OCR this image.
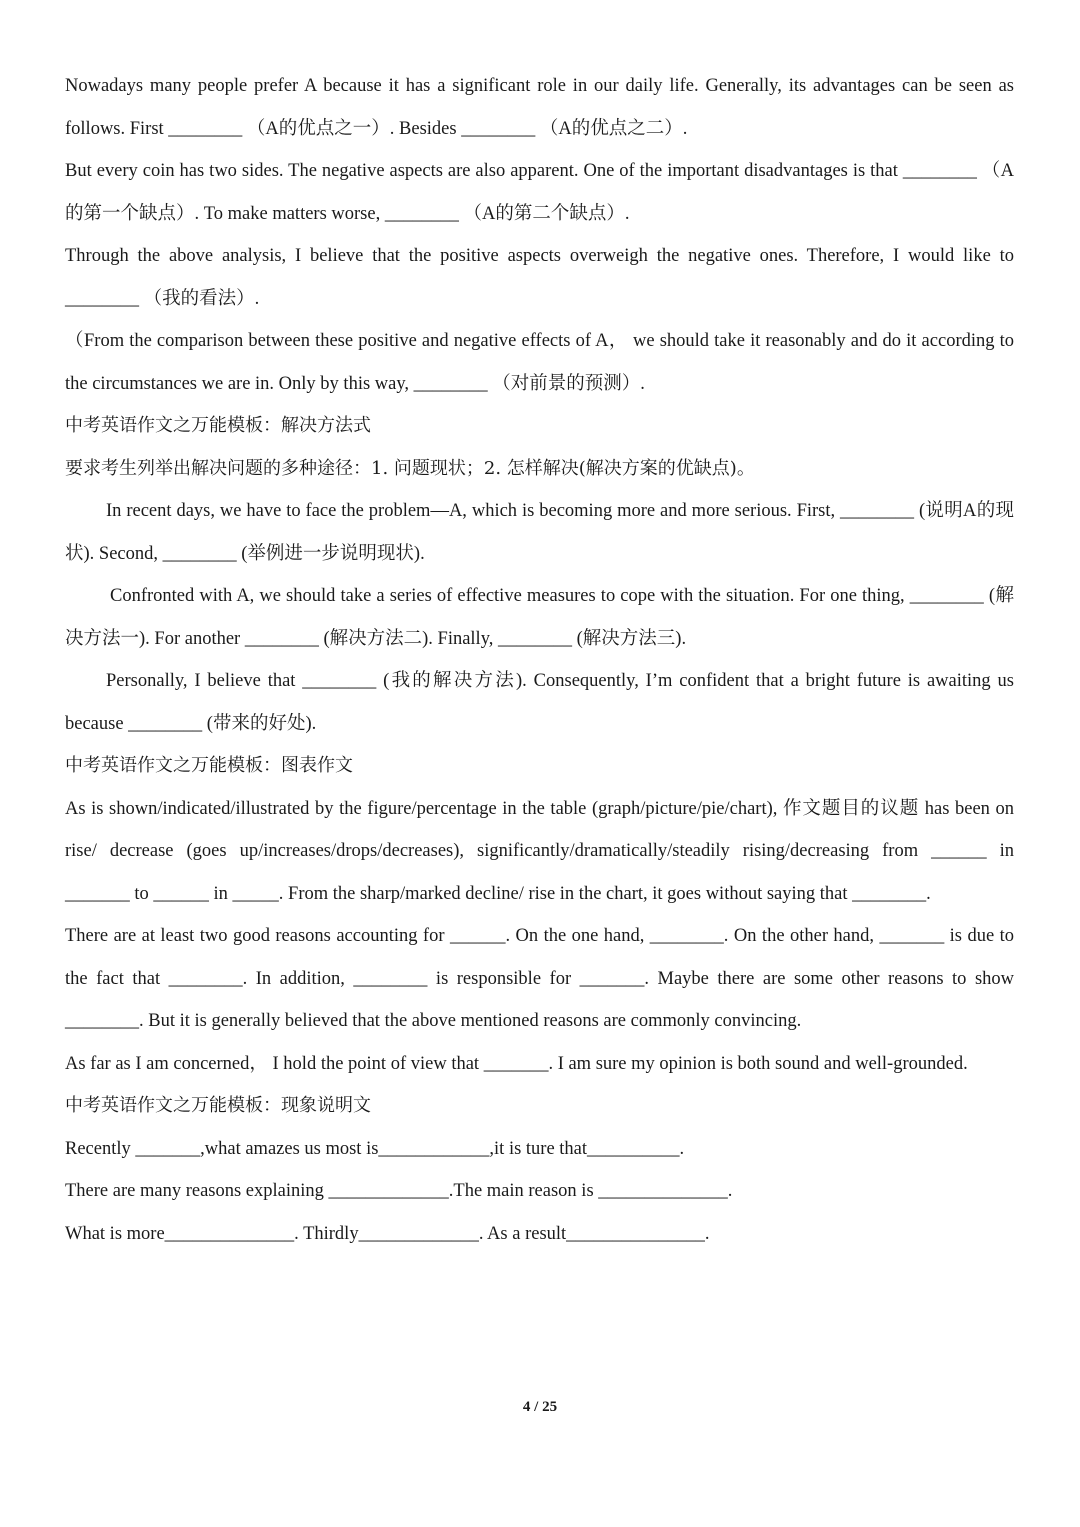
Nowadays many people prefer A because it has a significant role in our daily life. Generally, its advantages can be seen as follows. First ________ （A的优点之一）. Besides ________ （A的优点之二）.

But every coin has two sides. The negative aspects are also apparent. One of the important disadvantages is that ________ （A的第一个缺点）. To make matters worse, ________ （A的第二个缺点）.

Through the above analysis, I believe that the positive aspects overweigh the negative ones. Therefore, I would like to ________ （我的看法）.

（From the comparison between these positive and negative effects of A， we should take it reasonably and do it according to the circumstances we are in. Only by this way, ________ （对前景的预测）.

中考英语作文之万能模板：解决方法式

要求考生列举出解决问题的多种途径：1. 问题现状；2. 怎样解决(解决方案的优缺点)。

In recent days, we have to face the problem—A, which is becoming more and more serious. First, ________ (说明A的现状). Second, ________ (举例进一步说明现状).

Confronted with A, we should take a series of effective measures to cope with the situation. For one thing, ________ (解决方法一). For another ________ (解决方法二). Finally, ________ (解决方法三).

Personally, I believe that ________ (我的解决方法). Consequently, I’m confident that a bright future is awaiting us because ________ (带来的好处).

中考英语作文之万能模板：图表作文

As is shown/indicated/illustrated by the figure/percentage in the table (graph/picture/pie/chart), 作文题目的议题 has been on rise/ decrease (goes up/increases/drops/decreases), significantly/dramatically/steadily rising/decreasing from ______ in _______ to ______ in _____. From the sharp/marked decline/ rise in the chart, it goes without saying that ________.

There are at least two good reasons accounting for ______. On the one hand, ________. On the other hand, _______ is due to the fact that ________. In addition, ________ is responsible for _______. Maybe there are some other reasons to show ________. But it is generally believed that the above mentioned reasons are commonly convincing.

As far as I am concerned， I hold the point of view that _______. I am sure my opinion is both sound and well-grounded.

中考英语作文之万能模板：现象说明文

Recently _______,what amazes us most is____________,it is ture that__________.

There are many reasons explaining _____________.The main reason is ______________.

What is more______________. Thirdly_____________. As a result_______________.

4 / 25
